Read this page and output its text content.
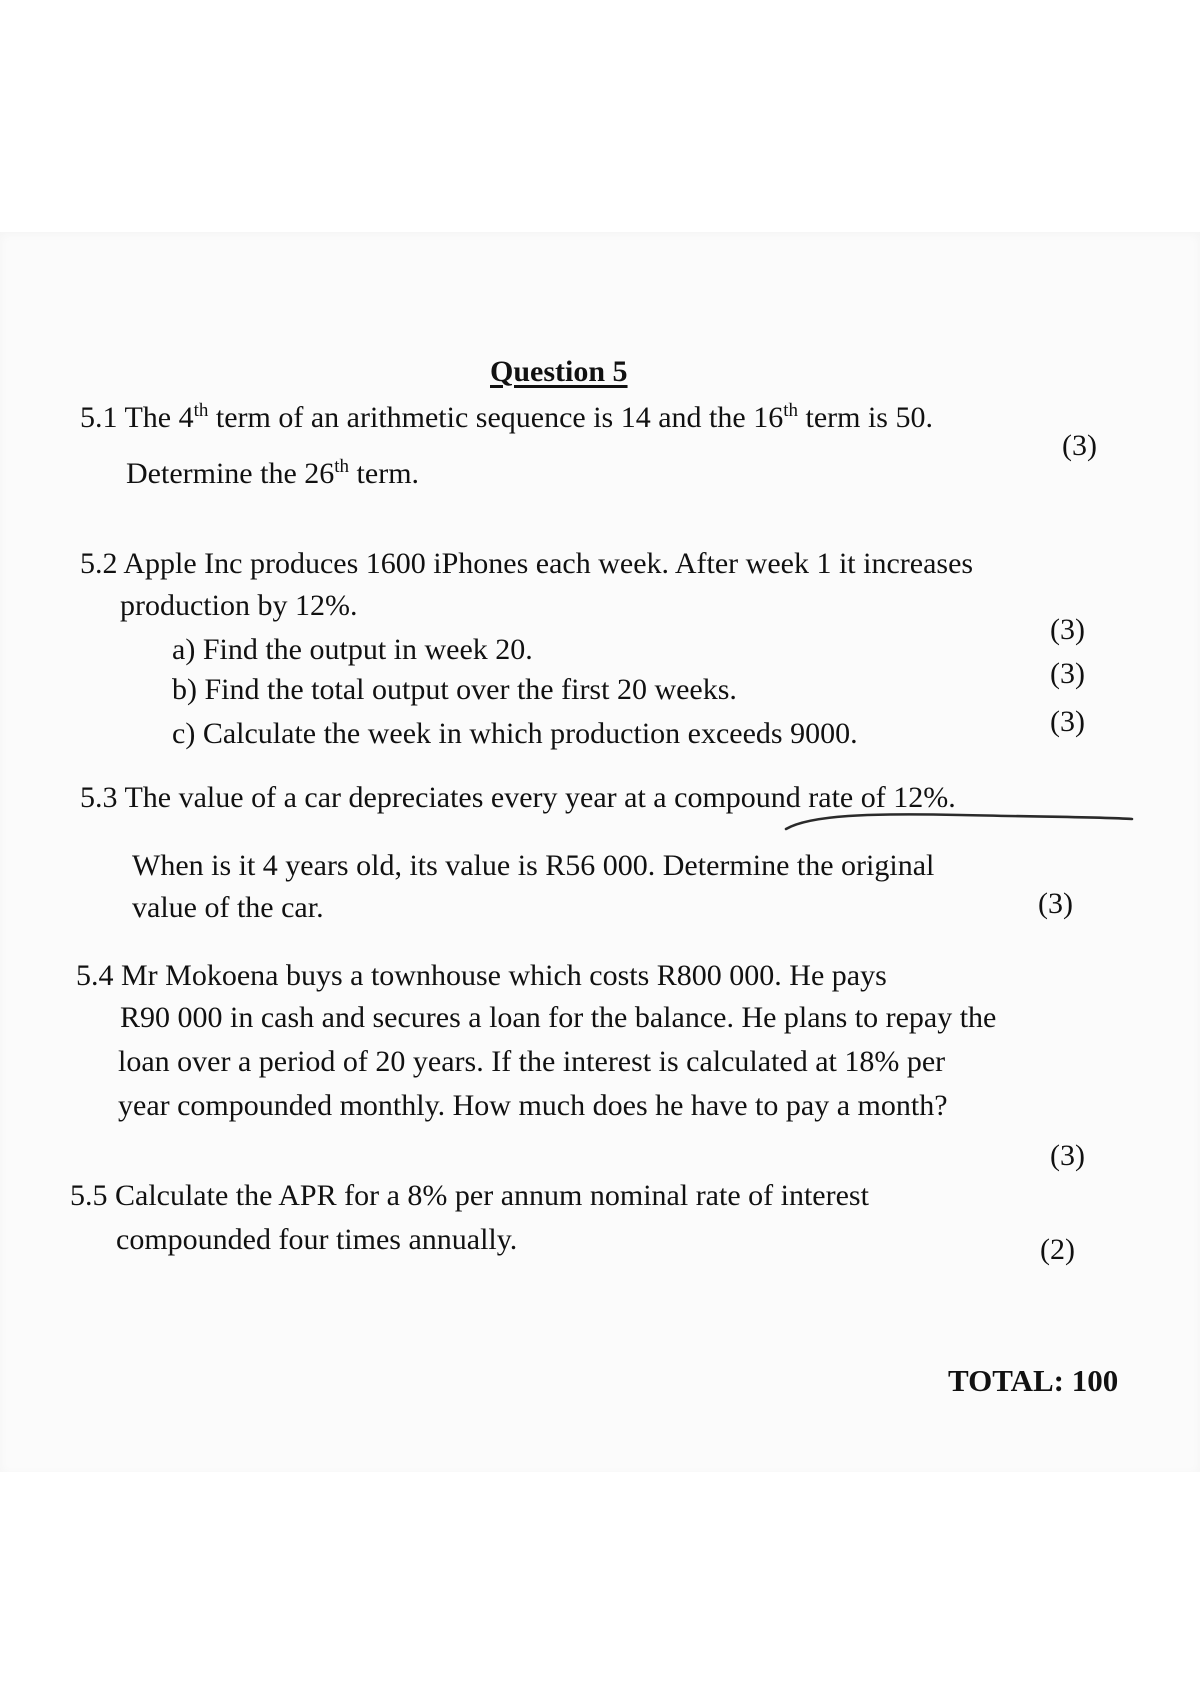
Question 5

5.1 The 4th term of an arithmetic sequence is 14 and the 16th term is 50.

Determine the 26th term.

(3)

5.2 Apple Inc produces 1600 iPhones each week. After week 1 it increases

production by 12%.

a) Find the output in week 20.

(3)

b) Find the total output over the first 20 weeks.	(3)

c) Calculate the week in which production exceeds 9000.	(3)

5.3 The value of a car depreciates every year at a compound rate of 12%.

When is it 4 years old, its value is R56 000. Determine the original

value of the car.	(3)

5.4 Mr Mokoena buys a townhouse which costs R800 000. He pays

R90 000 in cash and secures a loan for the balance. He plans to repay the

loan over a period of 20 years. If the interest is calculated at 18% per

year compounded monthly. How much does he have to pay a month?

(3)

5.5 Calculate the APR for a 8% per annum nominal rate of interest

compounded four times annually.	(2)

TOTAL: 100
